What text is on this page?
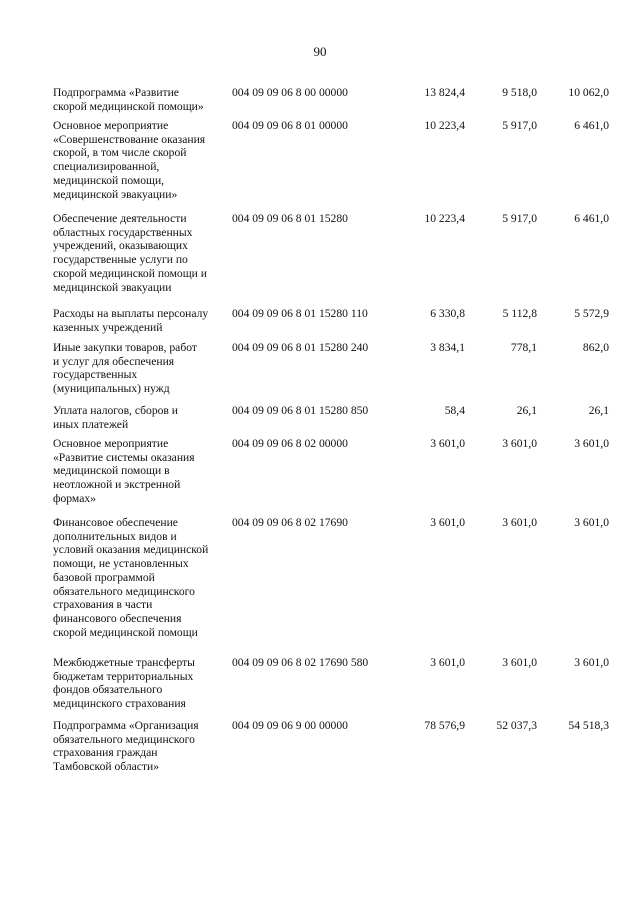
90
Подпрограмма «Развитие
скорой медицинской помощи»
004 09 09 06 8 00 00000	13 824,4	9 518,0	10 062,0
Основное мероприятие
«Совершенствование оказания
скорой, в том числе скорой
специализированной,
медицинской помощи,
медицинской эвакуации»
004 09 09 06 8 01 00000	10 223,4	5 917,0	6 461,0
Обеспечение деятельности
областных государственных
учреждений, оказывающих
государственные услуги по
скорой медицинской помощи и
медицинской эвакуации
004 09 09 06 8 01 15280	10 223,4	5 917,0	6 461,0
Расходы на выплаты персоналу
казенных учреждений
004 09 09 06 8 01 15280 110	6 330,8	5 112,8	5 572,9
Иные закупки товаров, работ
и услуг для обеспечения
государственных
(муниципальных) нужд
004 09 09 06 8 01 15280 240	3 834,1	778,1	862,0
Уплата налогов, сборов и
иных платежей
004 09 09 06 8 01 15280 850	58,4	26,1	26,1
Основное мероприятие
«Развитие системы оказания
медицинской помощи в
неотложной и экстренной
формах»
004 09 09 06 8 02 00000	3 601,0	3 601,0	3 601,0
Финансовое обеспечение
дополнительных видов и
условий оказания медицинской
помощи, не установленных
базовой программой
обязательного медицинского
страхования в части
финансового обеспечения
скорой медицинской помощи
004 09 09 06 8 02 17690	3 601,0	3 601,0	3 601,0
Межбюджетные трансферты
бюджетам территориальных
фондов обязательного
медицинского страхования
004 09 09 06 8 02 17690 580	3 601,0	3 601,0	3 601,0
Подпрограмма «Организация
обязательного медицинского
страхования граждан
Тамбовской области»
004 09 09 06 9 00 00000	78 576,9	52 037,3	54 518,3
